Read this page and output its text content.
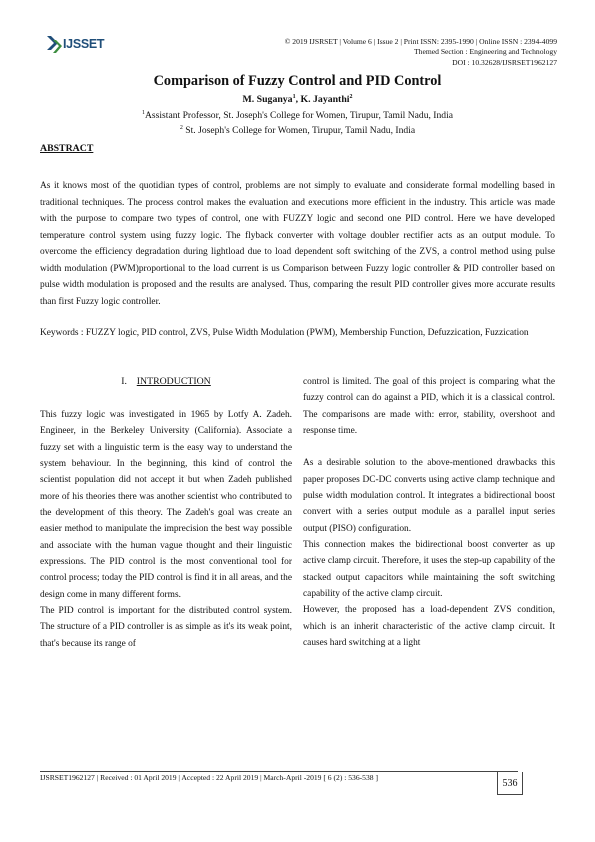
IJSSET	© 2019 IJSRSET | Volume 6 | Issue 2 | Print ISSN: 2395-1990 | Online ISSN : 2394-4099
Themed Section : Engineering and Technology
DOI : 10.32628/IJSRSET1962127
Comparison of Fuzzy Control and PID Control
M. Suganya$^1$, K. Jayanthi$^2$
$^1$Assistant Professor, St. Joseph's College for Women, Tirupur, Tamil Nadu, India
$^2$ St. Joseph's College for Women, Tirupur, Tamil Nadu, India
ABSTRACT

As it knows most of the quotidian types of control, problems are not simply to evaluate and considerate formal modelling based in traditional techniques. The process control makes the evaluation and executions more efficient in the industry. This article was made with the purpose to compare two types of control, one with FUZZY logic and second one PID control. Here we have developed temperature control system using fuzzy logic. The flyback converter with voltage doubler rectifier acts as an output module. To overcome the efficiency degradation during lightload due to load dependent soft switching of the ZVS, a control method using pulse width modulation (PWM)proportional to the load current is us Comparison between Fuzzy logic controller & PID controller based on pulse width modulation is proposed and the results are analysed. Thus, comparing the result PID controller gives more accurate results than first Fuzzy logic controller.

Keywords : FUZZY logic, PID control, ZVS, Pulse Width Modulation (PWM), Membership Function, Defuzzication, Fuzzication

I. INTRODUCTION

This fuzzy logic was investigated in 1965 by Lotfy A. Zadeh. Engineer, in the Berkeley University (California). Associate a fuzzy set with a linguistic term is the easy way to understand the system behaviour. In the beginning, this kind of control the scientist population did not accept it but when Zadeh published more of his theories there was another scientist who contributed to the development of this theory. The Zadeh's goal was create an easier method to manipulate the imprecision the best way possible and associate with the human vague thought and their linguistic expressions. The PID control is the most conventional tool for control process; today the PID control is find it in all areas, and the design come in many different forms.

The PID control is important for the distributed control system. The structure of a PID controller is as simple as it's its weak point, that's because its range of

control is limited. The goal of this project is comparing what the fuzzy control can do against a PID, which it is a classical control. The comparisons are made with: error, stability, overshoot and response time.

As a desirable solution to the above-mentioned drawbacks this paper proposes DC-DC converts using active clamp technique and pulse width modulation control. It integrates a bidirectional boost convert with a series output module as a parallel input series output (PISO) configuration.

This connection makes the bidirectional boost converter as up active clamp circuit. Therefore, it uses the step-up capability of the stacked output capacitors while maintaining the soft switching capability of the active clamp circuit.

However, the proposed has a load-dependent ZVS condition, which is an inherit characteristic of the active clamp circuit. It causes hard switching at a light

IJSRSET1962127 | Received : 01 April 2019 | Accepted : 22 April 2019 | March-April -2019 [ 6 (2) : 536-538 ]
536
